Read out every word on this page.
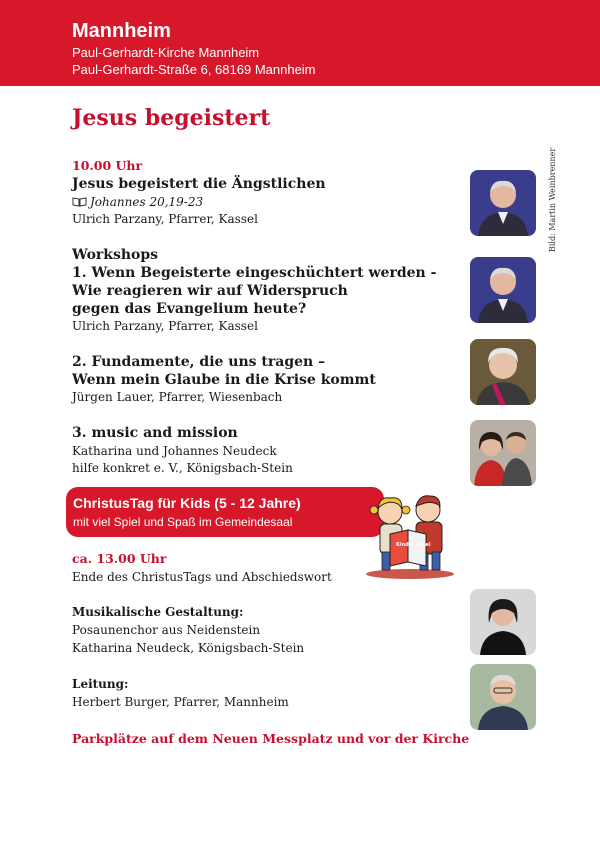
Mannheim
Paul-Gerhardt-Kirche Mannheim
Paul-Gerhardt-Straße 6, 68169 Mannheim
Jesus begeistert
10.00 Uhr
Jesus begeistert die Ängstlichen
Johannes 20,19-23
Ulrich Parzany, Pfarrer, Kassel
Workshops
1. Wenn Begeisterte eingeschüchtert werden -
Wie reagieren wir auf Widerspruch
gegen das Evangelium heute?
Ulrich Parzany, Pfarrer, Kassel
2. Fundamente, die uns tragen –
Wenn mein Glaube in die Krise kommt
Jürgen Lauer, Pfarrer, Wiesenbach
3. music and mission
Katharina und Johannes Neudeck
hilfe konkret e. V., Königsbach-Stein
ChristusTag für Kids (5 - 12 Jahre)
mit viel Spiel und Spaß im Gemeindesaal
Kinder Bibel
ca. 13.00 Uhr
Ende des ChristusTags und Abschiedswort
Musikalische Gestaltung:
Posaunenchor aus Neidenstein
Katharina Neudeck, Königsbach-Stein
Leitung:
Herbert Burger, Pfarrer, Mannheim
Parkplätze auf dem Neuen Messplatz und vor der Kirche
Bild: Martin Weinbrenner
